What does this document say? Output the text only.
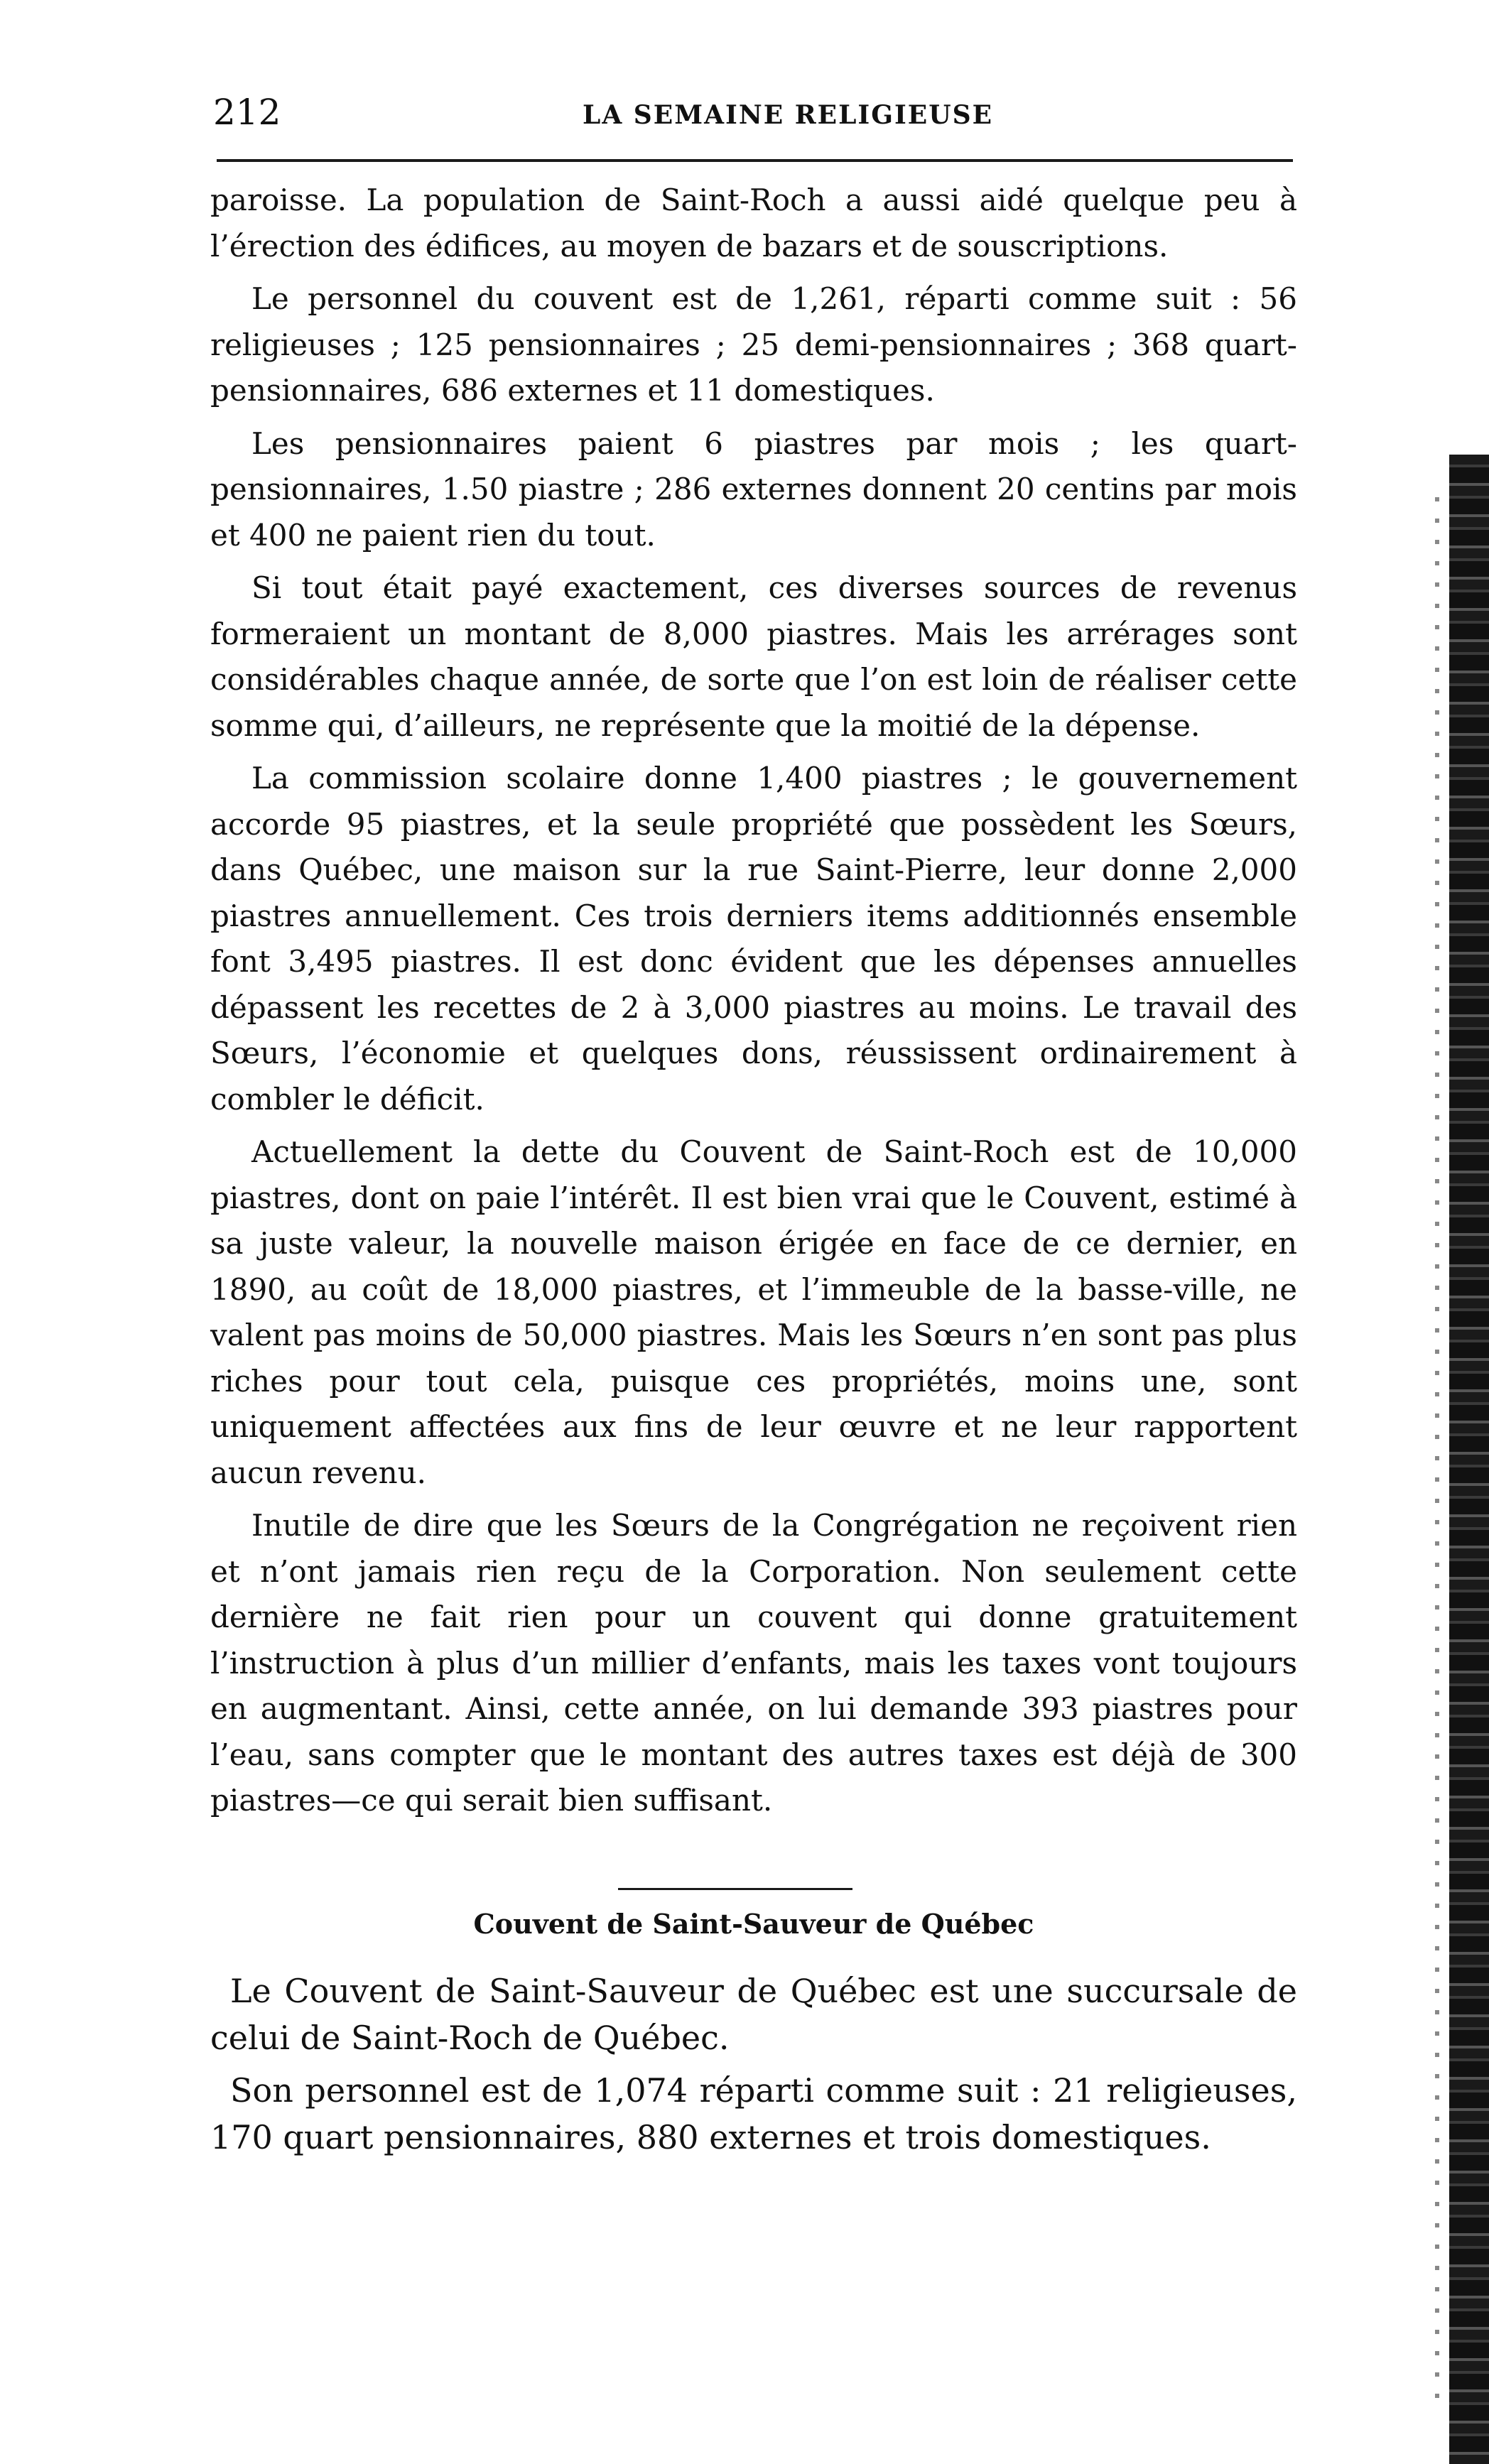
212	LA SEMAINE RELIGIEUSE

paroisse. La population de Saint-Roch a aussi aidé quelque peu à l’érection des édifices, au moyen de bazars et de souscriptions.

Le personnel du couvent est de 1,261, réparti comme suit : 56 religieuses ; 125 pensionnaires ; 25 demi-pensionnaires ; 368 quart-pensionnaires, 686 externes et 11 domestiques.

Les pensionnaires paient 6 piastres par mois ; les quart-pensionnaires, 1.50 piastre ; 286 externes donnent 20 centins par mois et 400 ne paient rien du tout.

Si tout était payé exactement, ces diverses sources de revenus formeraient un montant de 8,000 piastres. Mais les arrérages sont considérables chaque année, de sorte que l’on est loin de réaliser cette somme qui, d’ailleurs, ne représente que la moitié de la dépense.

La commission scolaire donne 1,400 piastres ; le gouvernement accorde 95 piastres, et la seule propriété que possèdent les Sœurs, dans Québec, une maison sur la rue Saint-Pierre, leur donne 2,000 piastres annuellement. Ces trois derniers items additionnés ensemble font 3,495 piastres. Il est donc évident que les dépenses annuelles dépassent les recettes de 2 à 3,000 piastres au moins. Le travail des Sœurs, l’économie et quelques dons, réussissent ordinairement à combler le déficit.

Actuellement la dette du Couvent de Saint-Roch est de 10,000 piastres, dont on paie l’intérêt. Il est bien vrai que le Couvent, estimé à sa juste valeur, la nouvelle maison érigée en face de ce dernier, en 1890, au coût de 18,000 piastres, et l’immeuble de la basse-ville, ne valent pas moins de 50,000 piastres. Mais les Sœurs n’en sont pas plus riches pour tout cela, puisque ces propriétés, moins une, sont uniquement affectées aux fins de leur œuvre et ne leur rapportent aucun revenu.

Inutile de dire que les Sœurs de la Congrégation ne reçoivent rien et n’ont jamais rien reçu de la Corporation. Non seulement cette dernière ne fait rien pour un couvent qui donne gratuitement l’instruction à plus d’un millier d’enfants, mais les taxes vont toujours en augmentant. Ainsi, cette année, on lui demande 393 piastres pour l’eau, sans compter que le montant des autres taxes est déjà de 300 piastres—ce qui serait bien suffisant.

Couvent de Saint-Sauveur de Québec

Le Couvent de Saint-Sauveur de Québec est une succursale de celui de Saint-Roch de Québec.

Son personnel est de 1,074 réparti comme suit : 21 religieuses, 170 quart pensionnaires, 880 externes et trois domestiques.
